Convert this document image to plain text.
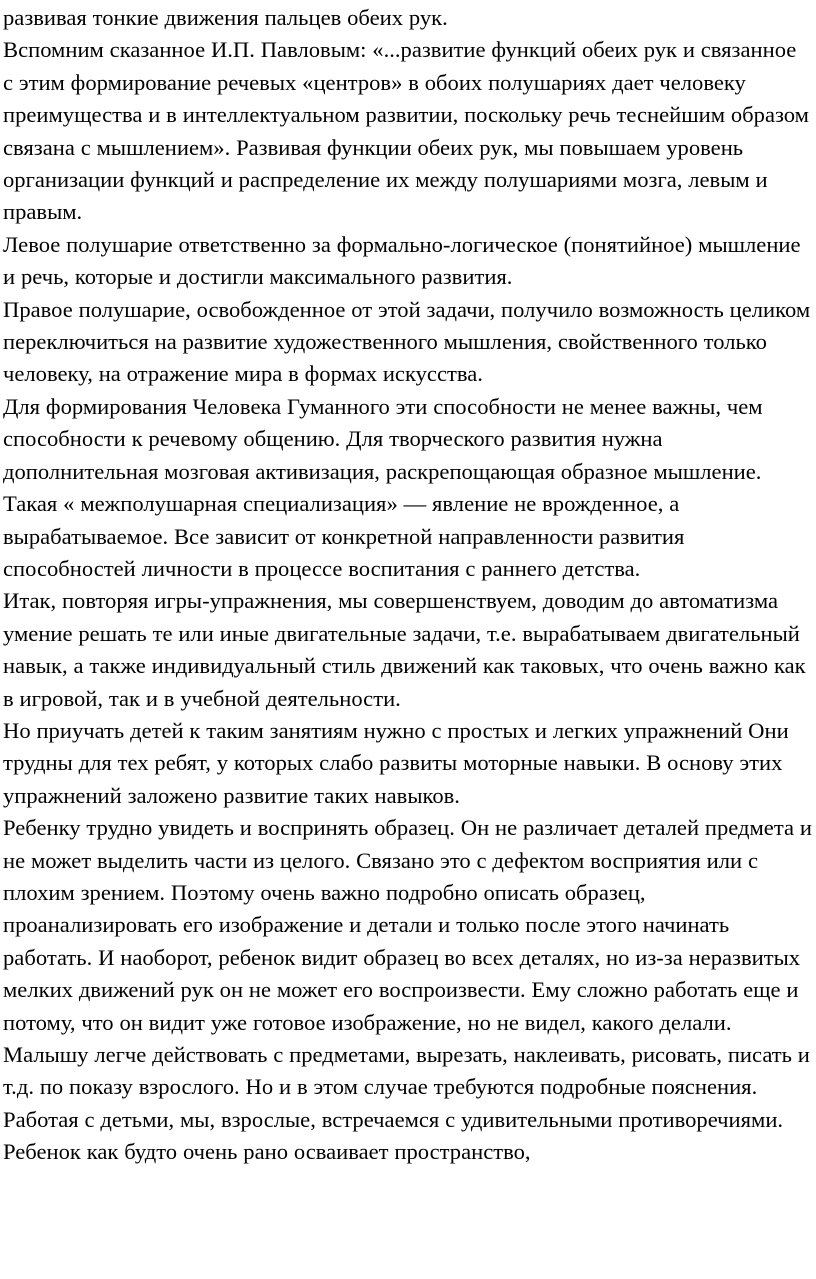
развивая тонкие движения пальцев обеих рук.

Вспомним сказанное И.П. Павловым: «...развитие функций обеих рук и связанное с этим формирование речевых «центров» в обоих полушариях дает человеку преимущества и в интеллектуальном развитии, поскольку речь теснейшим образом связана с мышлением». Развивая функции обеих рук, мы повышаем уровень организации функций и распределение их между полушариями мозга, левым и правым.

Левое полушарие ответственно за формально-логическое (понятийное) мышление и речь, которые и достигли максимального развития.

Правое полушарие, освобожденное от этой задачи, получило возможность целиком переключиться на развитие художественного мышления, свойственного только человеку, на отражение мира в формах искусства.

Для формирования Человека Гуманного эти способности не менее важны, чем способности к речевому общению. Для творческого развития нужна дополнительная мозговая активизация, раскрепощающая образное мышление.

Такая « межполушарная специализация» — явление не врожденное, а вырабатываемое. Все зависит от конкретной направленности развития способностей личности в процессе воспитания с раннего детства.

Итак, повторяя игры-упражнения, мы совершенствуем, доводим до автоматизма умение решать те или иные двигательные задачи, т.е. вырабатываем двигательный навык, а также индивидуальный стиль движений как таковых, что очень важно как в игровой, так и в учебной деятельности.

Но приучать детей к таким занятиям нужно с простых и легких упражнений Они трудны для тех ребят, у которых слабо развиты моторные навыки. В основу этих упражнений заложено развитие таких навыков.

Ребенку трудно увидеть и воспринять образец. Он не различает деталей предмета и не может выделить части из целого. Связано это с дефектом восприятия или с плохим зрением. Поэтому очень важно подробно описать образец, проанализировать его изображение и детали и только после этого начинать работать. И наоборот, ребенок видит образец во всех деталях, но из-за неразвитых мелких движений рук он не может его воспроизвести. Ему сложно работать еще и потому, что он видит уже готовое изображение, но не видел, какого делали. Малышу легче действовать с предметами, вырезать, наклеивать, рисовать, писать и т.д. по показу взрослого. Но и в этом случае требуются подробные пояснения.

Работая с детьми, мы, взрослые, встречаемся с удивительными противоречиями. Ребенок как будто очень рано осваивает пространство,
